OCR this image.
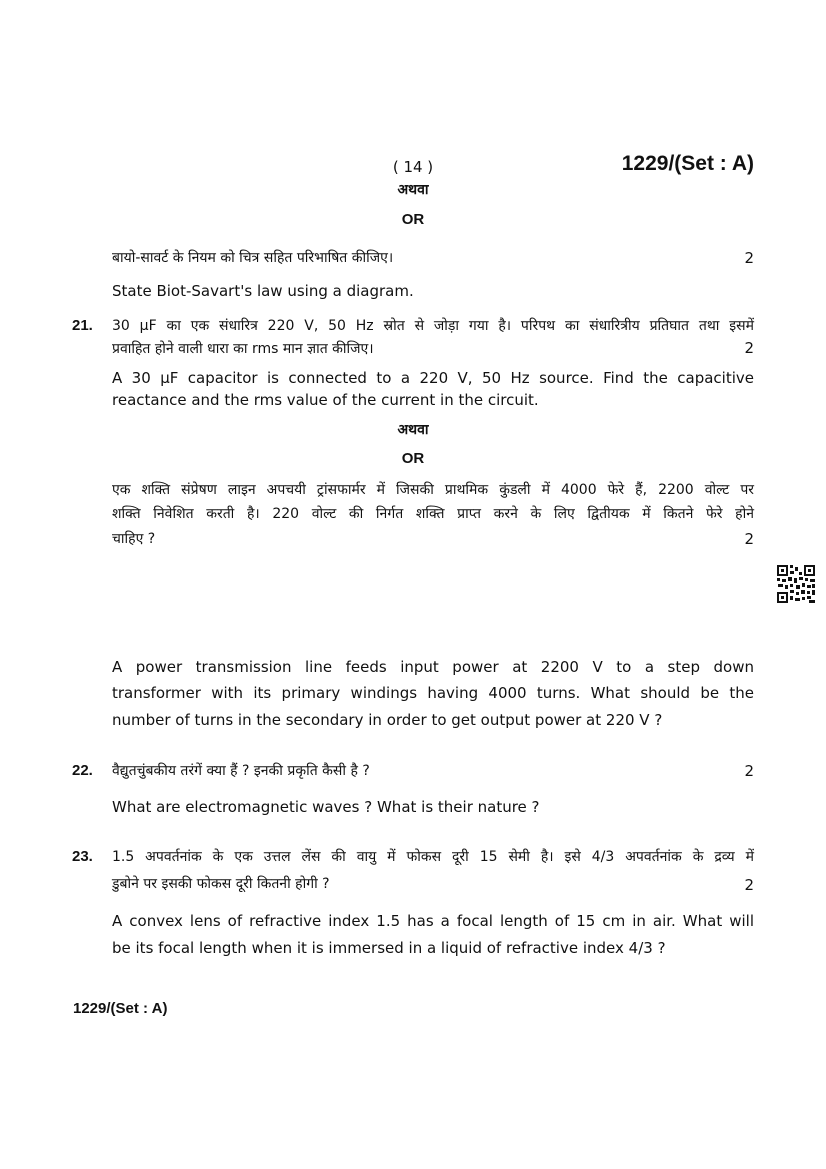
( 14 )	1229/(Set : A)
अथवा
OR
बायो-सावर्ट के नियम को चित्र सहित परिभाषित कीजिए।	2
State Biot-Savart's law using a diagram.
21. 30 μF का एक संधारित्र 220 V, 50 Hz स्रोत से जोड़ा गया है। परिपथ का संधारित्रीय प्रतिघात तथा इसमें
प्रवाहित होने वाली धारा का rms मान ज्ञात कीजिए।	2
A 30 μF capacitor is connected to a 220 V, 50 Hz source. Find the capacitive
reactance and the rms value of the current in the circuit.
अथवा
OR
एक शक्ति संप्रेषण लाइन अपचयी ट्रांसफार्मर में जिसकी प्राथमिक कुंडली में 4000 फेरे हैं, 2200 वोल्ट पर
शक्ति निवेशित करती है। 220 वोल्ट की निर्गत शक्ति प्राप्त करने के लिए द्वितीयक में कितने फेरे होने
चाहिए ?	2
A power transmission line feeds input power at 2200 V to a step down
transformer with its primary windings having 4000 turns. What should be the
number of turns in the secondary in order to get output power at 220 V ?
22. वैद्युतचुंबकीय तरंगें क्या हैं ? इनकी प्रकृति कैसी है ?	2
What are electromagnetic waves ? What is their nature ?
23. 1.5 अपवर्तनांक के एक उत्तल लेंस की वायु में फोकस दूरी 15 सेमी है। इसे 4/3 अपवर्तनांक के द्रव्य में
डुबोने पर इसकी फोकस दूरी कितनी होगी ?	2
A convex lens of refractive index 1.5 has a focal length of 15 cm in air. What will
be its focal length when it is immersed in a liquid of refractive index 4/3 ?
1229/(Set : A)
